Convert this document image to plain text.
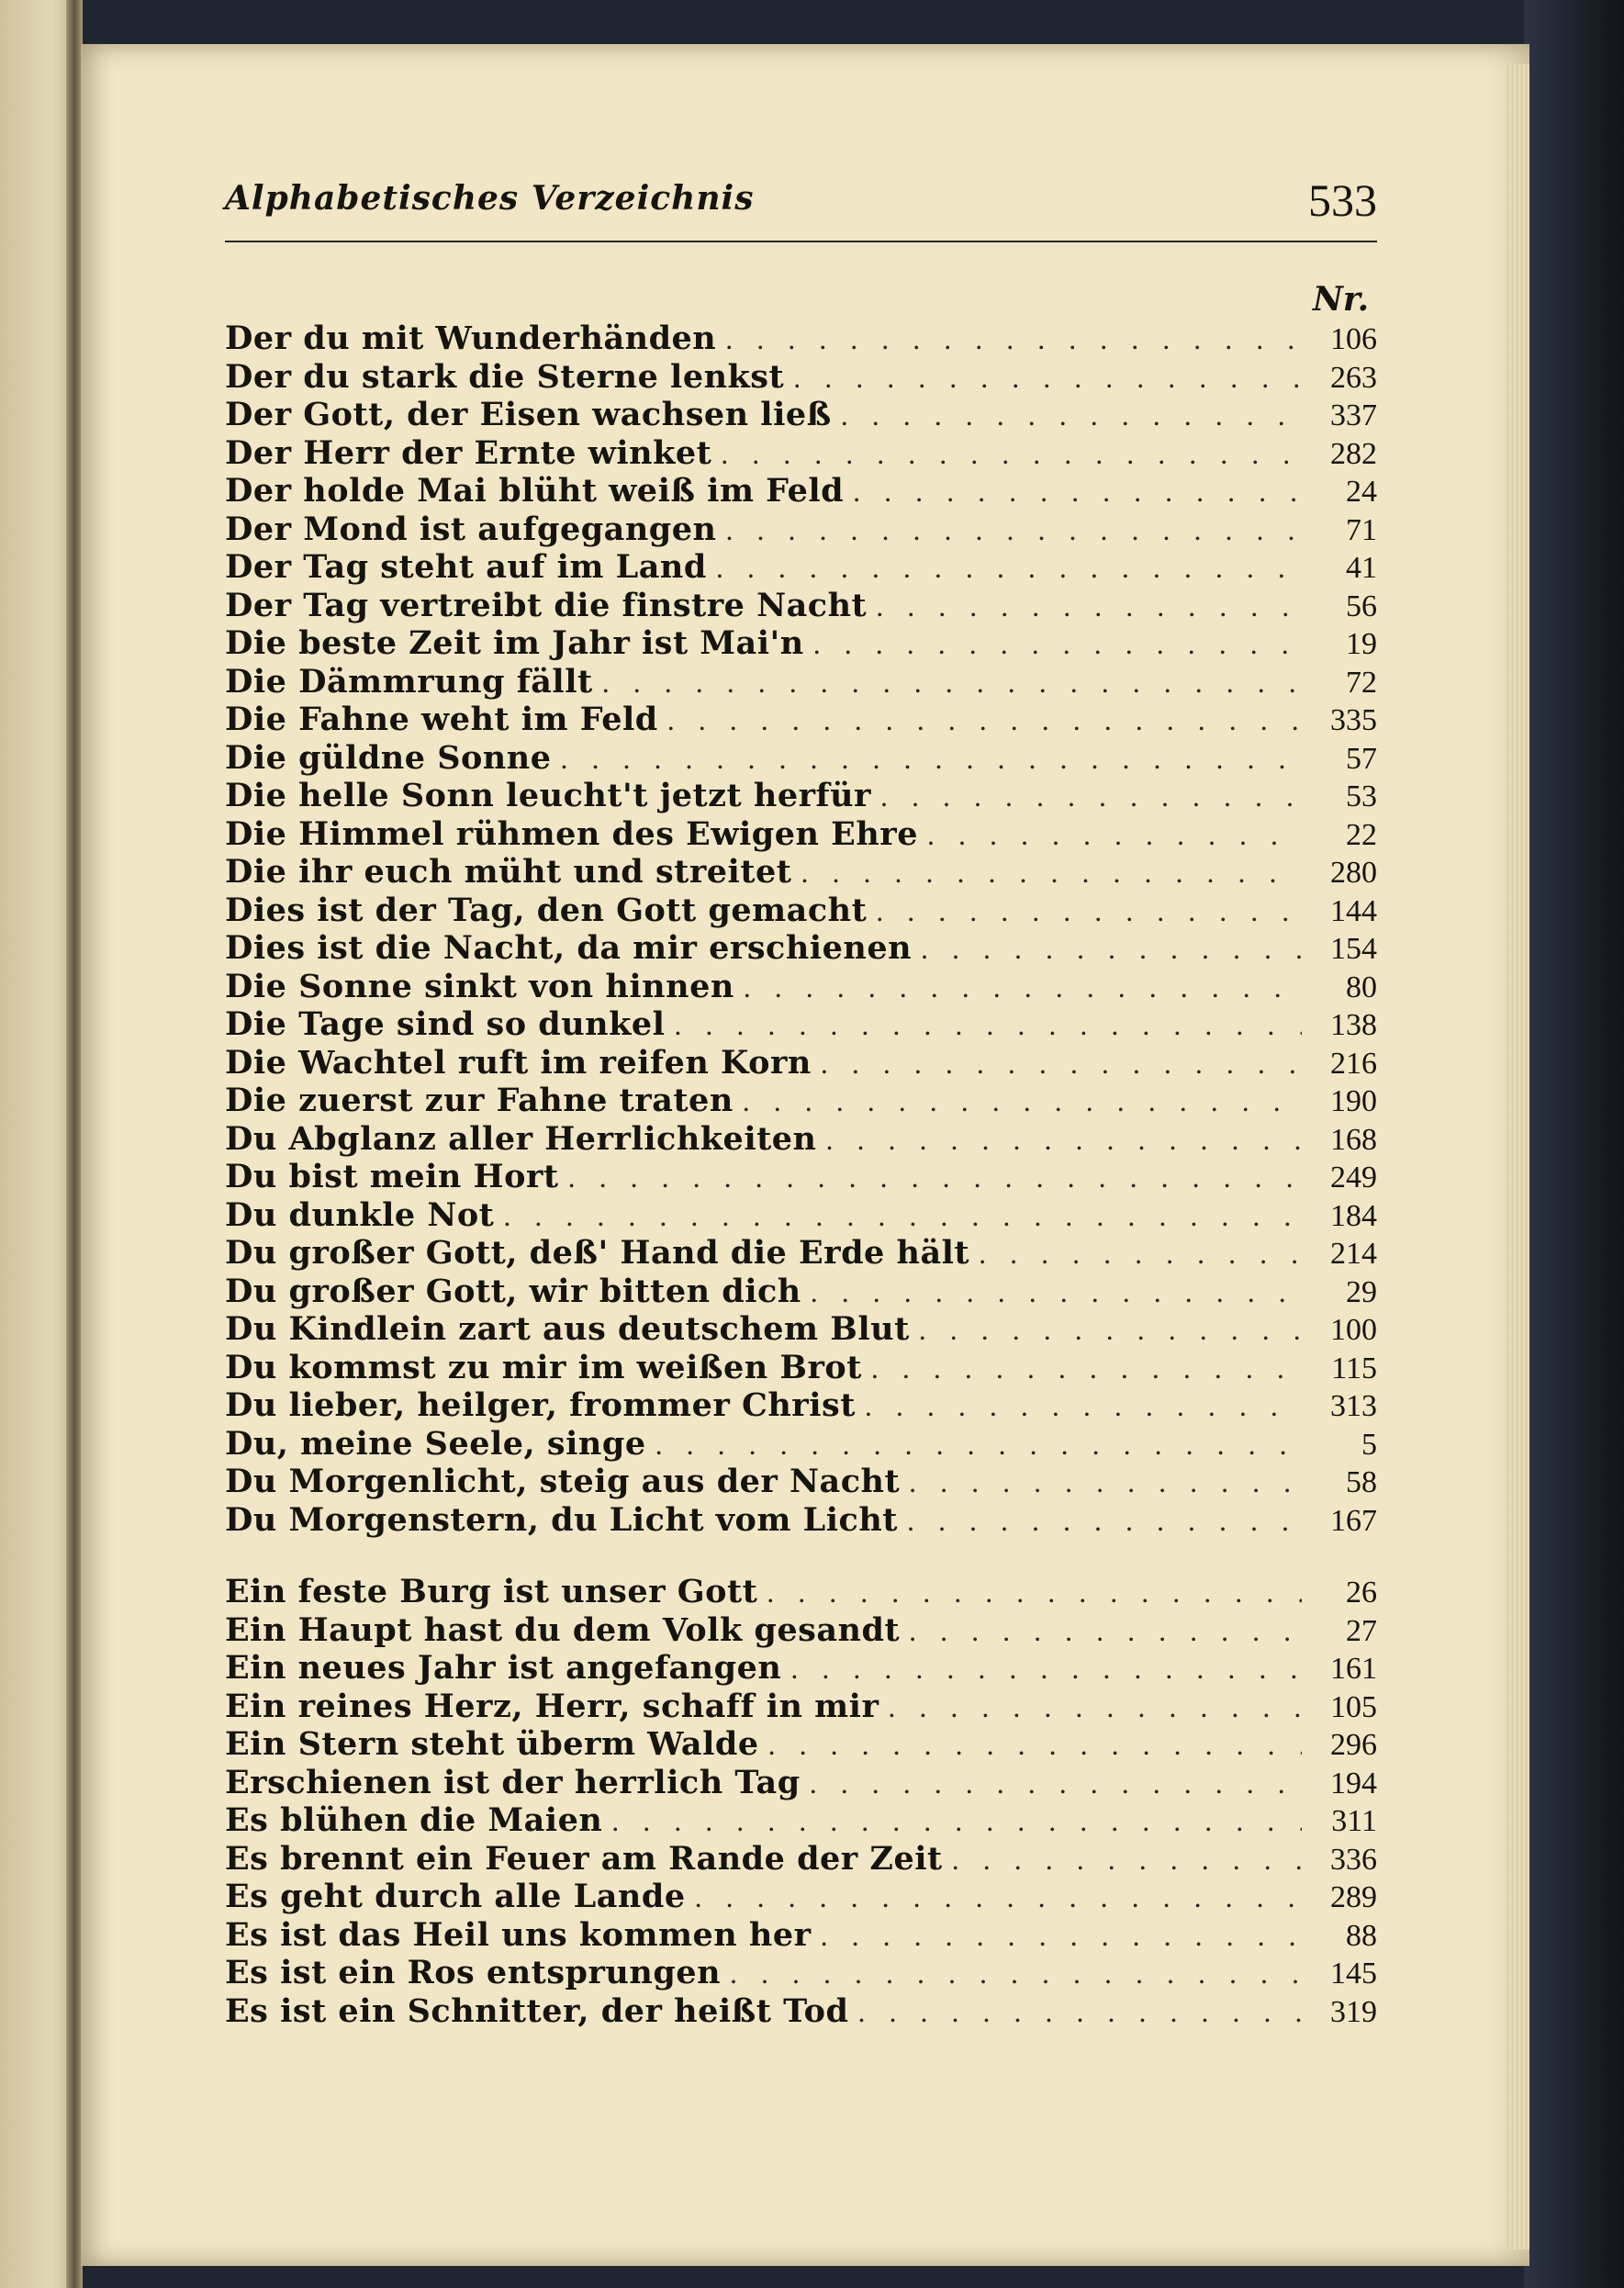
Alphabetisches Verzeichnis	533
Nr.
Der du mit Wunderhänden . . .	106
Der du stark die Sterne lenkst . . .	263
Der Gott, der Eisen wachsen ließ . . .	337
Der Herr der Ernte winket . . .	282
Der holde Mai blüht weiß im Feld . . .	24
Der Mond ist aufgegangen . . .	71
Der Tag steht auf im Land . . .	41
Der Tag vertreibt die finstre Nacht . . .	56
Die beste Zeit im Jahr ist Mai'n . . .	19
Die Dämmrung fällt . . .	72
Die Fahne weht im Feld . . .	335
Die güldne Sonne . . .	57
Die helle Sonn leucht't jetzt herfür . . .	53
Die Himmel rühmen des Ewigen Ehre . . .	22
Die ihr euch müht und streitet . . .	280
Dies ist der Tag, den Gott gemacht . . .	144
Dies ist die Nacht, da mir erschienen . . .	154
Die Sonne sinkt von hinnen . . .	80
Die Tage sind so dunkel . . .	138
Die Wachtel ruft im reifen Korn . . .	216
Die zuerst zur Fahne traten . . .	190
Du Abglanz aller Herrlichkeiten . . .	168
Du bist mein Hort . . .	249
Du dunkle Not . . .	184
Du großer Gott, deß' Hand die Erde hält . . .	214
Du großer Gott, wir bitten dich . . .	29
Du Kindlein zart aus deutschem Blut . . .	100
Du kommst zu mir im weißen Brot . . .	115
Du lieber, heilger, frommer Christ . . .	313
Du, meine Seele, singe . . .	5
Du Morgenlicht, steig aus der Nacht . . .	58
Du Morgenstern, du Licht vom Licht . . .	167
Ein feste Burg ist unser Gott . . .	26
Ein Haupt hast du dem Volk gesandt . . .	27
Ein neues Jahr ist angefangen . . .	161
Ein reines Herz, Herr, schaff in mir . . .	105
Ein Stern steht überm Walde . . .	296
Erschienen ist der herrlich Tag . . .	194
Es blühen die Maien . . .	311
Es brennt ein Feuer am Rande der Zeit . . .	336
Es geht durch alle Lande . . .	289
Es ist das Heil uns kommen her . . .	88
Es ist ein Ros entsprungen . . .	145
Es ist ein Schnitter, der heißt Tod . . .	319
